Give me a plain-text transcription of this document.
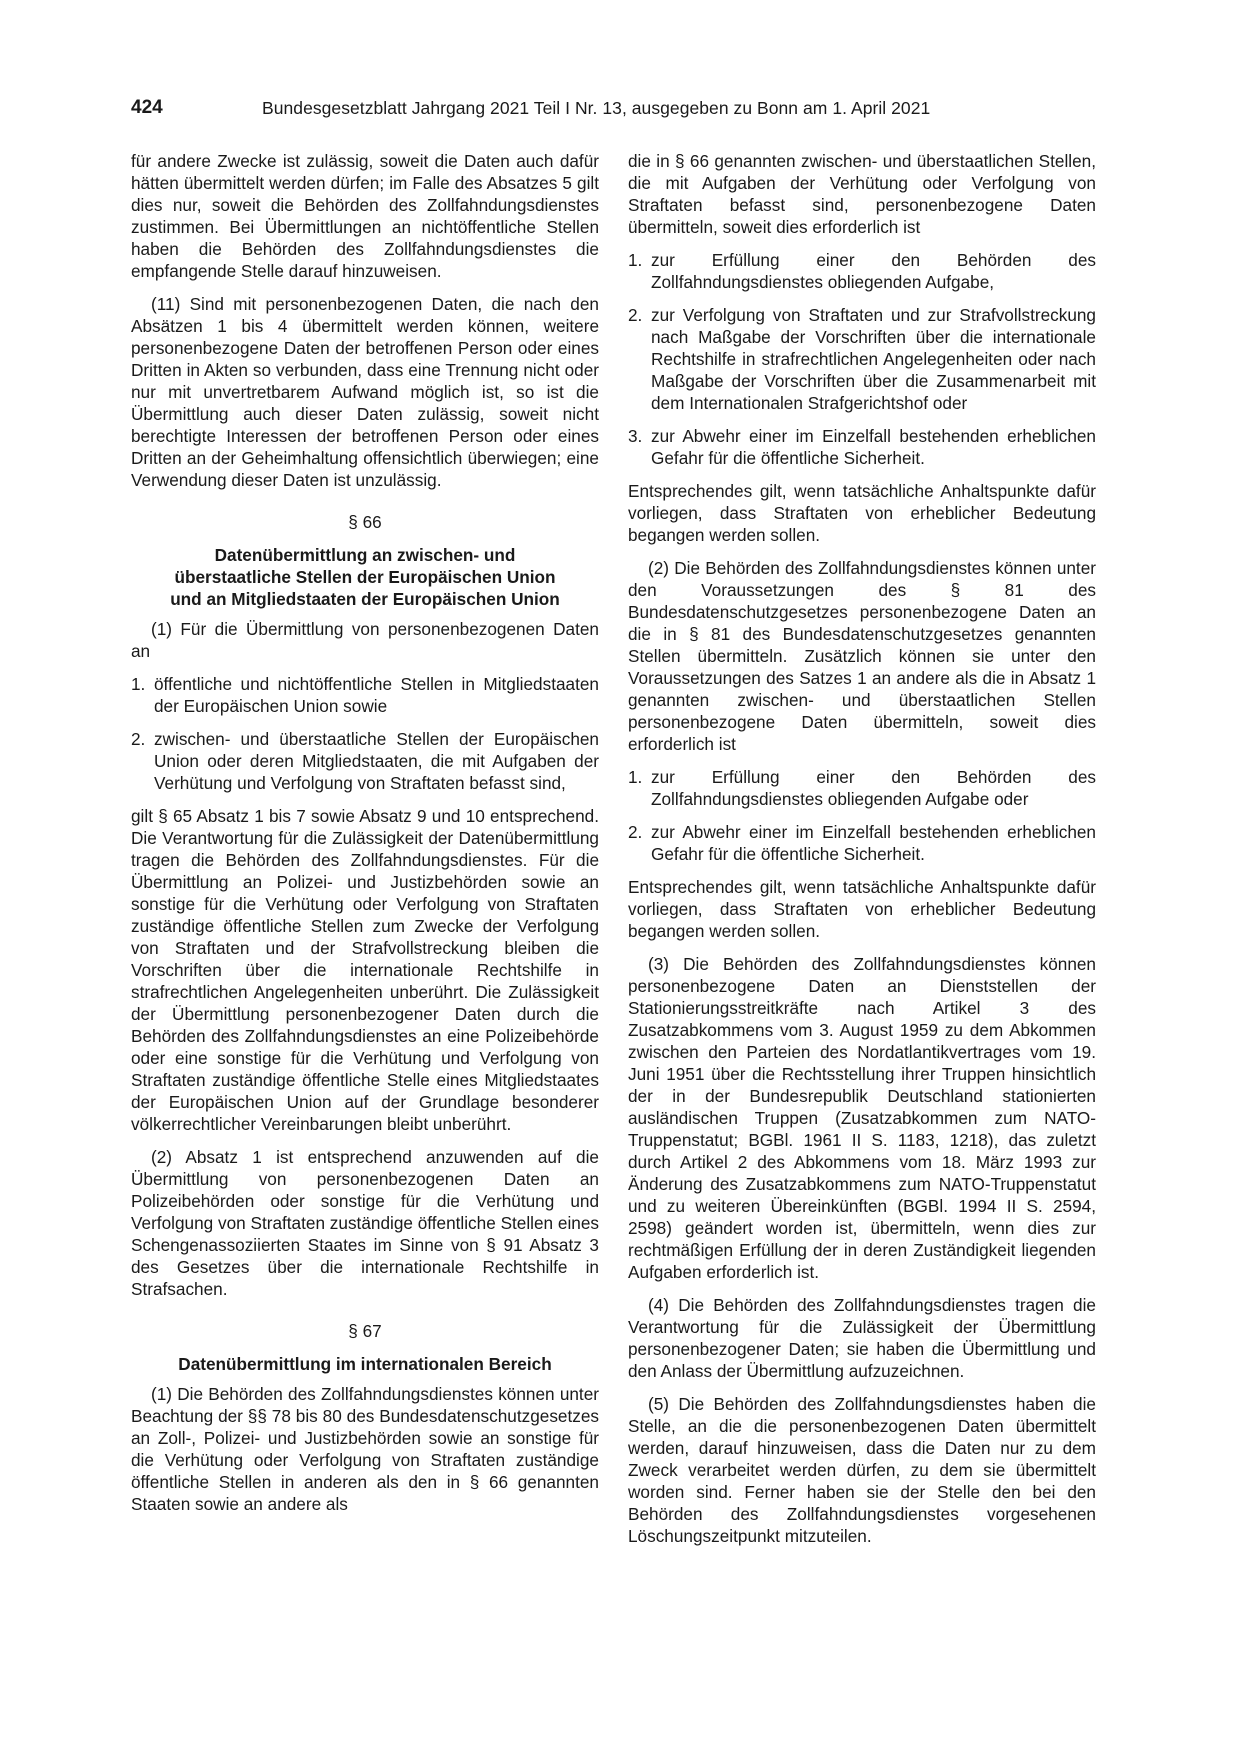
424	Bundesgesetzblatt Jahrgang 2021 Teil I Nr. 13, ausgegeben zu Bonn am 1. April 2021

für andere Zwecke ist zulässig, soweit die Daten auch dafür hätten übermittelt werden dürfen; im Falle des Absatzes 5 gilt dies nur, soweit die Behörden des Zollfahndungsdienstes zustimmen. Bei Übermittlungen an nichtöffentliche Stellen haben die Behörden des Zollfahndungsdienstes die empfangende Stelle darauf hinzuweisen.

(11) Sind mit personenbezogenen Daten, die nach den Absätzen 1 bis 4 übermittelt werden können, weitere personenbezogene Daten der betroffenen Person oder eines Dritten in Akten so verbunden, dass eine Trennung nicht oder nur mit unvertretbarem Aufwand möglich ist, so ist die Übermittlung auch dieser Daten zulässig, soweit nicht berechtigte Interessen der betroffenen Person oder eines Dritten an der Geheimhaltung offensichtlich überwiegen; eine Verwendung dieser Daten ist unzulässig.

§ 66
Datenübermittlung an zwischen- und
überstaatliche Stellen der Europäischen Union
und an Mitgliedstaaten der Europäischen Union

(1) Für die Übermittlung von personenbezogenen Daten an

1. öffentliche und nichtöffentliche Stellen in Mitgliedstaaten der Europäischen Union sowie
2. zwischen- und überstaatliche Stellen der Europäischen Union oder deren Mitgliedstaaten, die mit Aufgaben der Verhütung und Verfolgung von Straftaten befasst sind,

gilt § 65 Absatz 1 bis 7 sowie Absatz 9 und 10 entsprechend. Die Verantwortung für die Zulässigkeit der Datenübermittlung tragen die Behörden des Zollfahndungsdienstes. Für die Übermittlung an Polizei- und Justizbehörden sowie an sonstige für die Verhütung oder Verfolgung von Straftaten zuständige öffentliche Stellen zum Zwecke der Verfolgung von Straftaten und der Strafvollstreckung bleiben die Vorschriften über die internationale Rechtshilfe in strafrechtlichen Angelegenheiten unberührt. Die Zulässigkeit der Übermittlung personenbezogener Daten durch die Behörden des Zollfahndungsdienstes an eine Polizeibehörde oder eine sonstige für die Verhütung und Verfolgung von Straftaten zuständige öffentliche Stelle eines Mitgliedstaates der Europäischen Union auf der Grundlage besonderer völkerrechtlicher Vereinbarungen bleibt unberührt.

(2) Absatz 1 ist entsprechend anzuwenden auf die Übermittlung von personenbezogenen Daten an Polizeibehörden oder sonstige für die Verhütung und Verfolgung von Straftaten zuständige öffentliche Stellen eines Schengenassoziierten Staates im Sinne von § 91 Absatz 3 des Gesetzes über die internationale Rechtshilfe in Strafsachen.

§ 67
Datenübermittlung im internationalen Bereich

(1) Die Behörden des Zollfahndungsdienstes können unter Beachtung der §§ 78 bis 80 des Bundesdatenschutzgesetzes an Zoll-, Polizei- und Justizbehörden sowie an sonstige für die Verhütung oder Verfolgung von Straftaten zuständige öffentliche Stellen in anderen als den in § 66 genannten Staaten sowie an andere als

die in § 66 genannten zwischen- und überstaatlichen Stellen, die mit Aufgaben der Verhütung oder Verfolgung von Straftaten befasst sind, personenbezogene Daten übermitteln, soweit dies erforderlich ist

1. zur Erfüllung einer den Behörden des Zollfahndungsdienstes obliegenden Aufgabe,
2. zur Verfolgung von Straftaten und zur Strafvollstreckung nach Maßgabe der Vorschriften über die internationale Rechtshilfe in strafrechtlichen Angelegenheiten oder nach Maßgabe der Vorschriften über die Zusammenarbeit mit dem Internationalen Strafgerichtshof oder
3. zur Abwehr einer im Einzelfall bestehenden erheblichen Gefahr für die öffentliche Sicherheit.

Entsprechendes gilt, wenn tatsächliche Anhaltspunkte dafür vorliegen, dass Straftaten von erheblicher Bedeutung begangen werden sollen.

(2) Die Behörden des Zollfahndungsdienstes können unter den Voraussetzungen des § 81 des Bundesdatenschutzgesetzes personenbezogene Daten an die in § 81 des Bundesdatenschutzgesetzes genannten Stellen übermitteln. Zusätzlich können sie unter den Voraussetzungen des Satzes 1 an andere als die in Absatz 1 genannten zwischen- und überstaatlichen Stellen personenbezogene Daten übermitteln, soweit dies erforderlich ist

1. zur Erfüllung einer den Behörden des Zollfahndungsdienstes obliegenden Aufgabe oder
2. zur Abwehr einer im Einzelfall bestehenden erheblichen Gefahr für die öffentliche Sicherheit.

Entsprechendes gilt, wenn tatsächliche Anhaltspunkte dafür vorliegen, dass Straftaten von erheblicher Bedeutung begangen werden sollen.

(3) Die Behörden des Zollfahndungsdienstes können personenbezogene Daten an Dienststellen der Stationierungsstreitkräfte nach Artikel 3 des Zusatzabkommens vom 3. August 1959 zu dem Abkommen zwischen den Parteien des Nordatlantikvertrages vom 19. Juni 1951 über die Rechtsstellung ihrer Truppen hinsichtlich der in der Bundesrepublik Deutschland stationierten ausländischen Truppen (Zusatzabkommen zum NATO-Truppenstatut; BGBl. 1961 II S. 1183, 1218), das zuletzt durch Artikel 2 des Abkommens vom 18. März 1993 zur Änderung des Zusatzabkommens zum NATO-Truppenstatut und zu weiteren Übereinkünften (BGBl. 1994 II S. 2594, 2598) geändert worden ist, übermitteln, wenn dies zur rechtmäßigen Erfüllung der in deren Zuständigkeit liegenden Aufgaben erforderlich ist.

(4) Die Behörden des Zollfahndungsdienstes tragen die Verantwortung für die Zulässigkeit der Übermittlung personenbezogener Daten; sie haben die Übermittlung und den Anlass der Übermittlung aufzuzeichnen.

(5) Die Behörden des Zollfahndungsdienstes haben die Stelle, an die die personenbezogenen Daten übermittelt werden, darauf hinzuweisen, dass die Daten nur zu dem Zweck verarbeitet werden dürfen, zu dem sie übermittelt worden sind. Ferner haben sie der Stelle den bei den Behörden des Zollfahndungsdienstes vorgesehenen Löschungszeitpunkt mitzuteilen.
